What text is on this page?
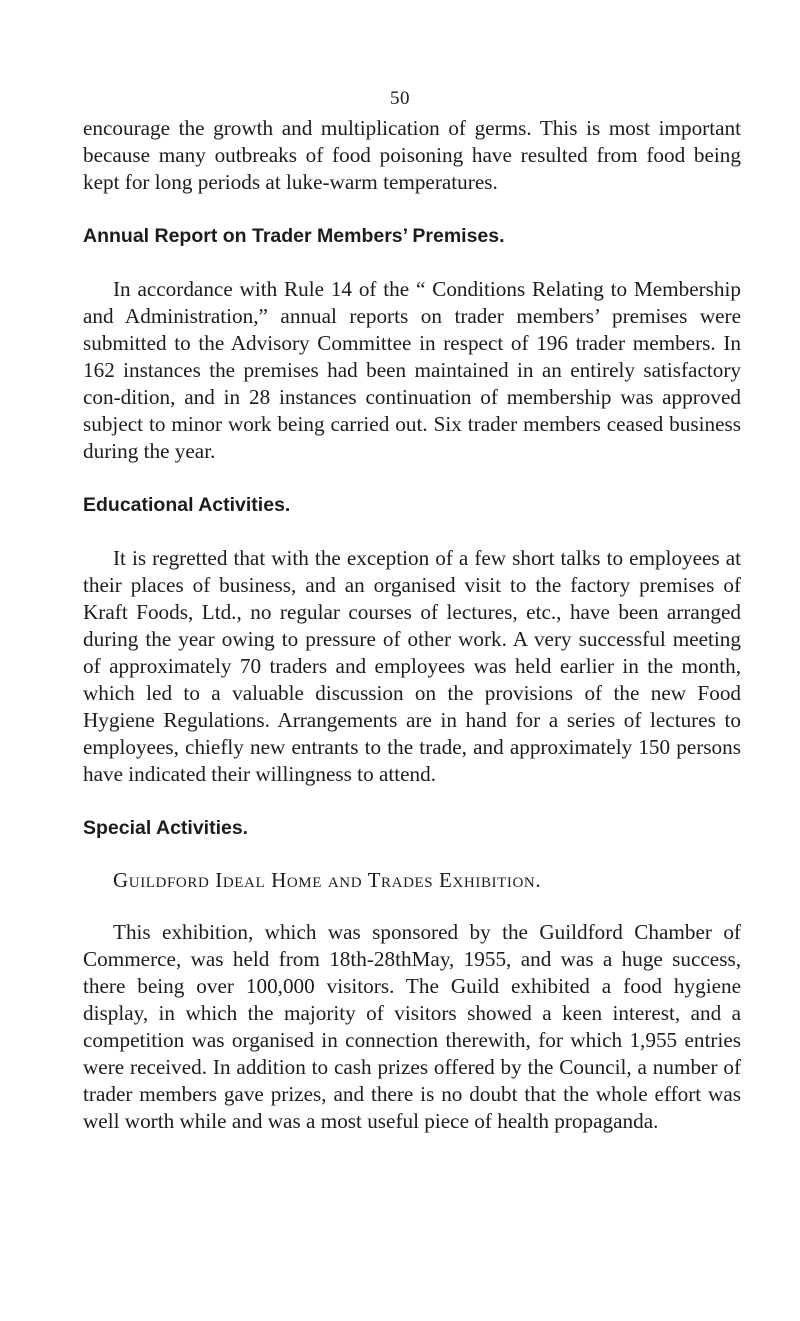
50

encourage the growth and multiplication of germs. This is most important because many outbreaks of food poisoning have resulted from food being kept for long periods at luke-warm temperatures.

Annual Report on Trader Members’ Premises.

In accordance with Rule 14 of the “ Conditions Relating to Membership and Administration,” annual reports on trader members’ premises were submitted to the Advisory Committee in respect of 196 trader members. In 162 instances the premises had been maintained in an entirely satisfactory con-dition, and in 28 instances continuation of membership was approved subject to minor work being carried out. Six trader members ceased business during the year.

Educational Activities.

It is regretted that with the exception of a few short talks to employees at their places of business, and an organised visit to the factory premises of Kraft Foods, Ltd., no regular courses of lectures, etc., have been arranged during the year owing to pressure of other work. A very successful meeting of approximately 70 traders and employees was held earlier in the month, which led to a valuable discussion on the provisions of the new Food Hygiene Regulations. Arrangements are in hand for a series of lectures to employees, chiefly new entrants to the trade, and approximately 150 persons have indicated their willingness to attend.

Special Activities.
Guildford Ideal Home and Trades Exhibition.

This exhibition, which was sponsored by the Guildford Chamber of Commerce, was held from 18th-28thMay, 1955, and was a huge success, there being over 100,000 visitors. The Guild exhibited a food hygiene display, in which the majority of visitors showed a keen interest, and a competition was organised in connection therewith, for which 1,955 entries were received. In addition to cash prizes offered by the Council, a number of trader members gave prizes, and there is no doubt that the whole effort was well worth while and was a most useful piece of health propaganda.
